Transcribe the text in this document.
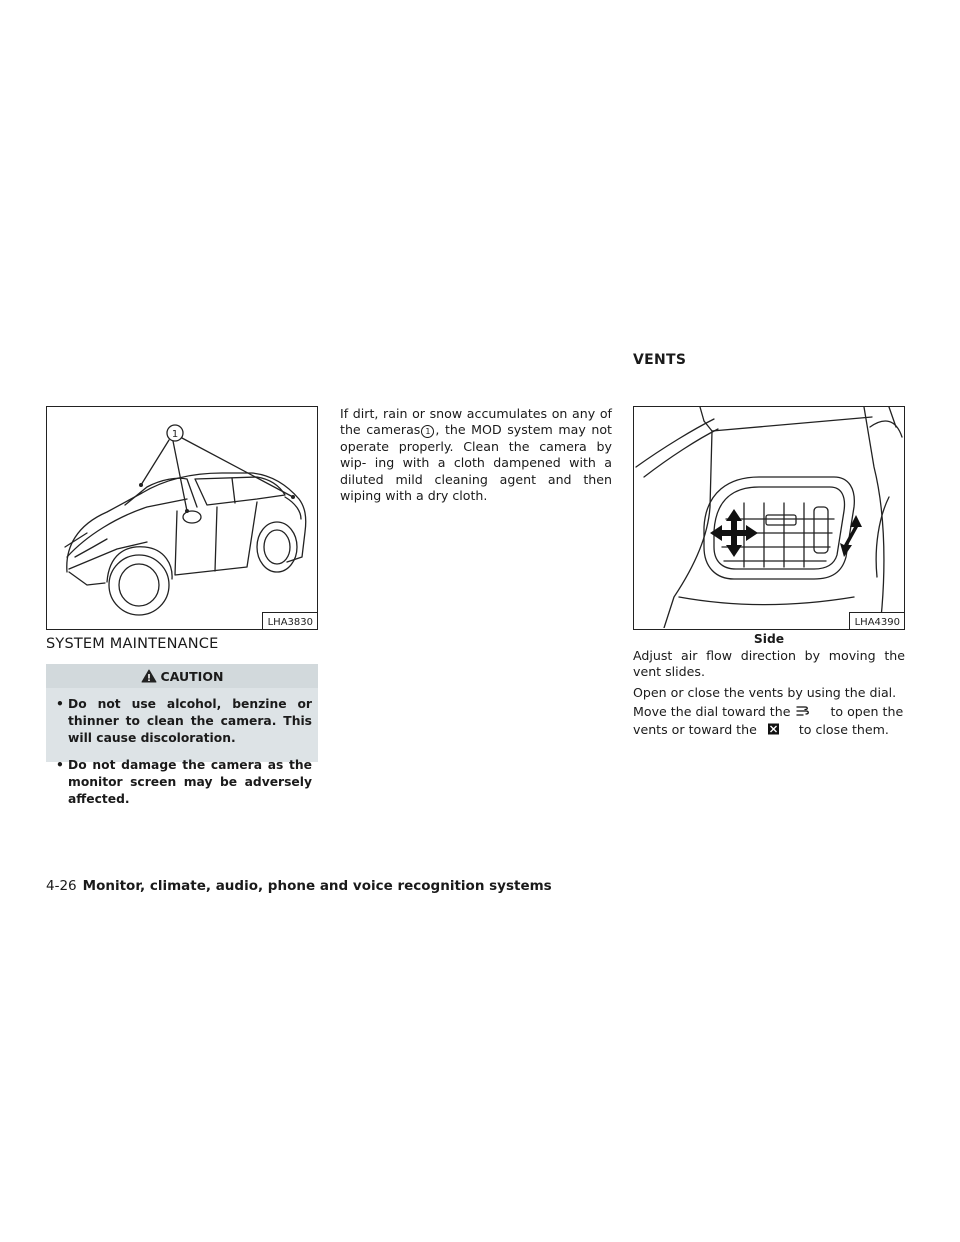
1
LHA3830
SYSTEM MAINTENANCE
CAUTION
• Do not use alcohol, benzine or thinner to clean the camera. This will cause discoloration.
• Do not damage the camera as the monitor screen may be adversely affected.
If dirt, rain or snow accumulates on any of the cameras 1 , the MOD system may not operate properly. Clean the camera by wip- ing with a cloth dampened with a diluted mild cleaning agent and then wiping with a dry cloth.
VENTS
LHA4390
Side
Adjust air flow direction by moving the vent slides.
Open or close the vents by using the dial.
Move the dial toward the	to open the
vents or toward the	to close them.
4-26 Monitor, climate, audio, phone and voice recognition systems
